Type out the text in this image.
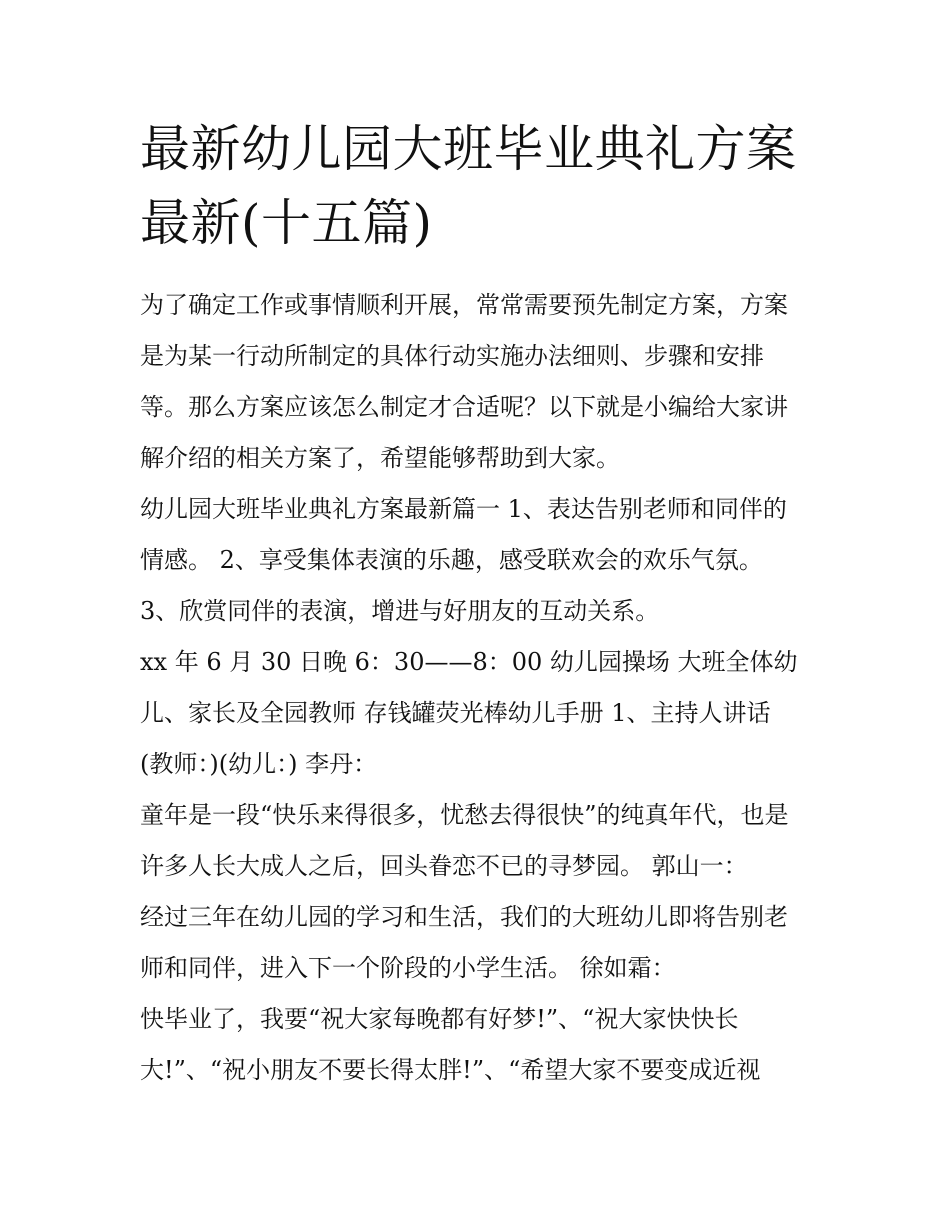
最新幼儿园大班毕业典礼方案
最新(十五篇)
为了确定工作或事情顺利开展，常常需要预先制定方案，方案
是为某一行动所制定的具体行动实施办法细则、步骤和安排
等。那么方案应该怎么制定才合适呢？以下就是小编给大家讲
解介绍的相关方案了，希望能够帮助到大家。
幼儿园大班毕业典礼方案最新篇一 1、表达告别老师和同伴的
情感。 2、享受集体表演的乐趣，感受联欢会的欢乐气氛。
3、欣赏同伴的表演，增进与好朋友的互动关系。
xx 年 6 月 30 日晚 6：30——8：00 幼儿园操场 大班全体幼
儿、家长及全园教师 存钱罐荧光棒幼儿手册 1、主持人讲话
(教师：)(幼儿：) 李丹：
童年是一段“快乐来得很多，忧愁去得很快”的纯真年代，也是
许多人长大成人之后，回头眷恋不已的寻梦园。 郭山一：
经过三年在幼儿园的学习和生活，我们的大班幼儿即将告别老
师和同伴，进入下一个阶段的小学生活。 徐如霜：
快毕业了，我要“祝大家每晚都有好梦!”、“祝大家快快长
大!”、“祝小朋友不要长得太胖!”、“希望大家不要变成近视
